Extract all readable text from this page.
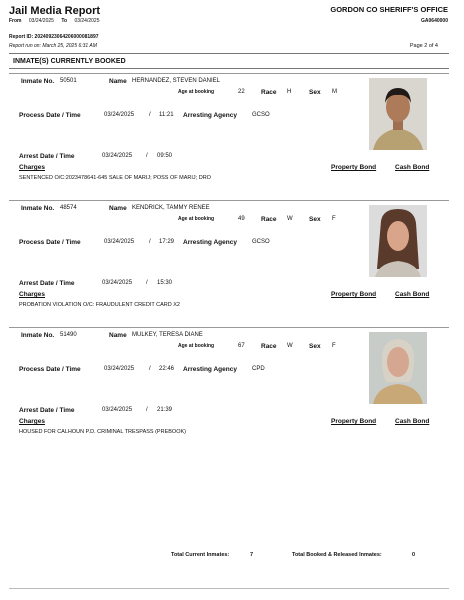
Jail Media Report
From 03/24/2025 To 03/24/2025
GORDON CO SHERIFF'S OFFICE
GA0640000
Report ID: 20240923064206000081897
Report run on: March 25, 2025 6:31 AM	Page 2 of 4
INMATE(S) CURRENTLY BOOKED
Inmate No. 50501	Name HERNANDEZ, STEVEN DANIEL
Age at booking	22	Race H	Sex M
Process Date / Time	03/24/2025 / 11:21 Arresting Agency	GCSO
Arrest Date / Time	03/24/2025 / 09:50
Charges	Property Bond	Cash Bond
SENTENCED O/C:2023478641-645 SALE OF MARIJ; POSS OF MARIJ; DRO
Inmate No. 48574	Name KENDRICK, TAMMY RENEE
Age at booking	49	Race W	Sex F
Process Date / Time	03/24/2025 / 17:29 Arresting Agency	GCSO
Arrest Date / Time	03/24/2025 / 15:30
Charges	Property Bond	Cash Bond
PROBATION VIOLATION O/C: FRAUDULENT CREDIT CARD X2
Inmate No. 51490	Name MULKEY, TERESA DIANE
Age at booking	67	Race W	Sex F
Process Date / Time	03/24/2025 / 22:46 Arresting Agency	CPD
Arrest Date / Time	03/24/2025 / 21:39
Charges	Property Bond	Cash Bond
HOUSED FOR CALHOUN P.D. CRIMINAL TRESPASS (PREBOOK)
Total Current Inmates:	7	Total Booked & Released Inmates:	0
